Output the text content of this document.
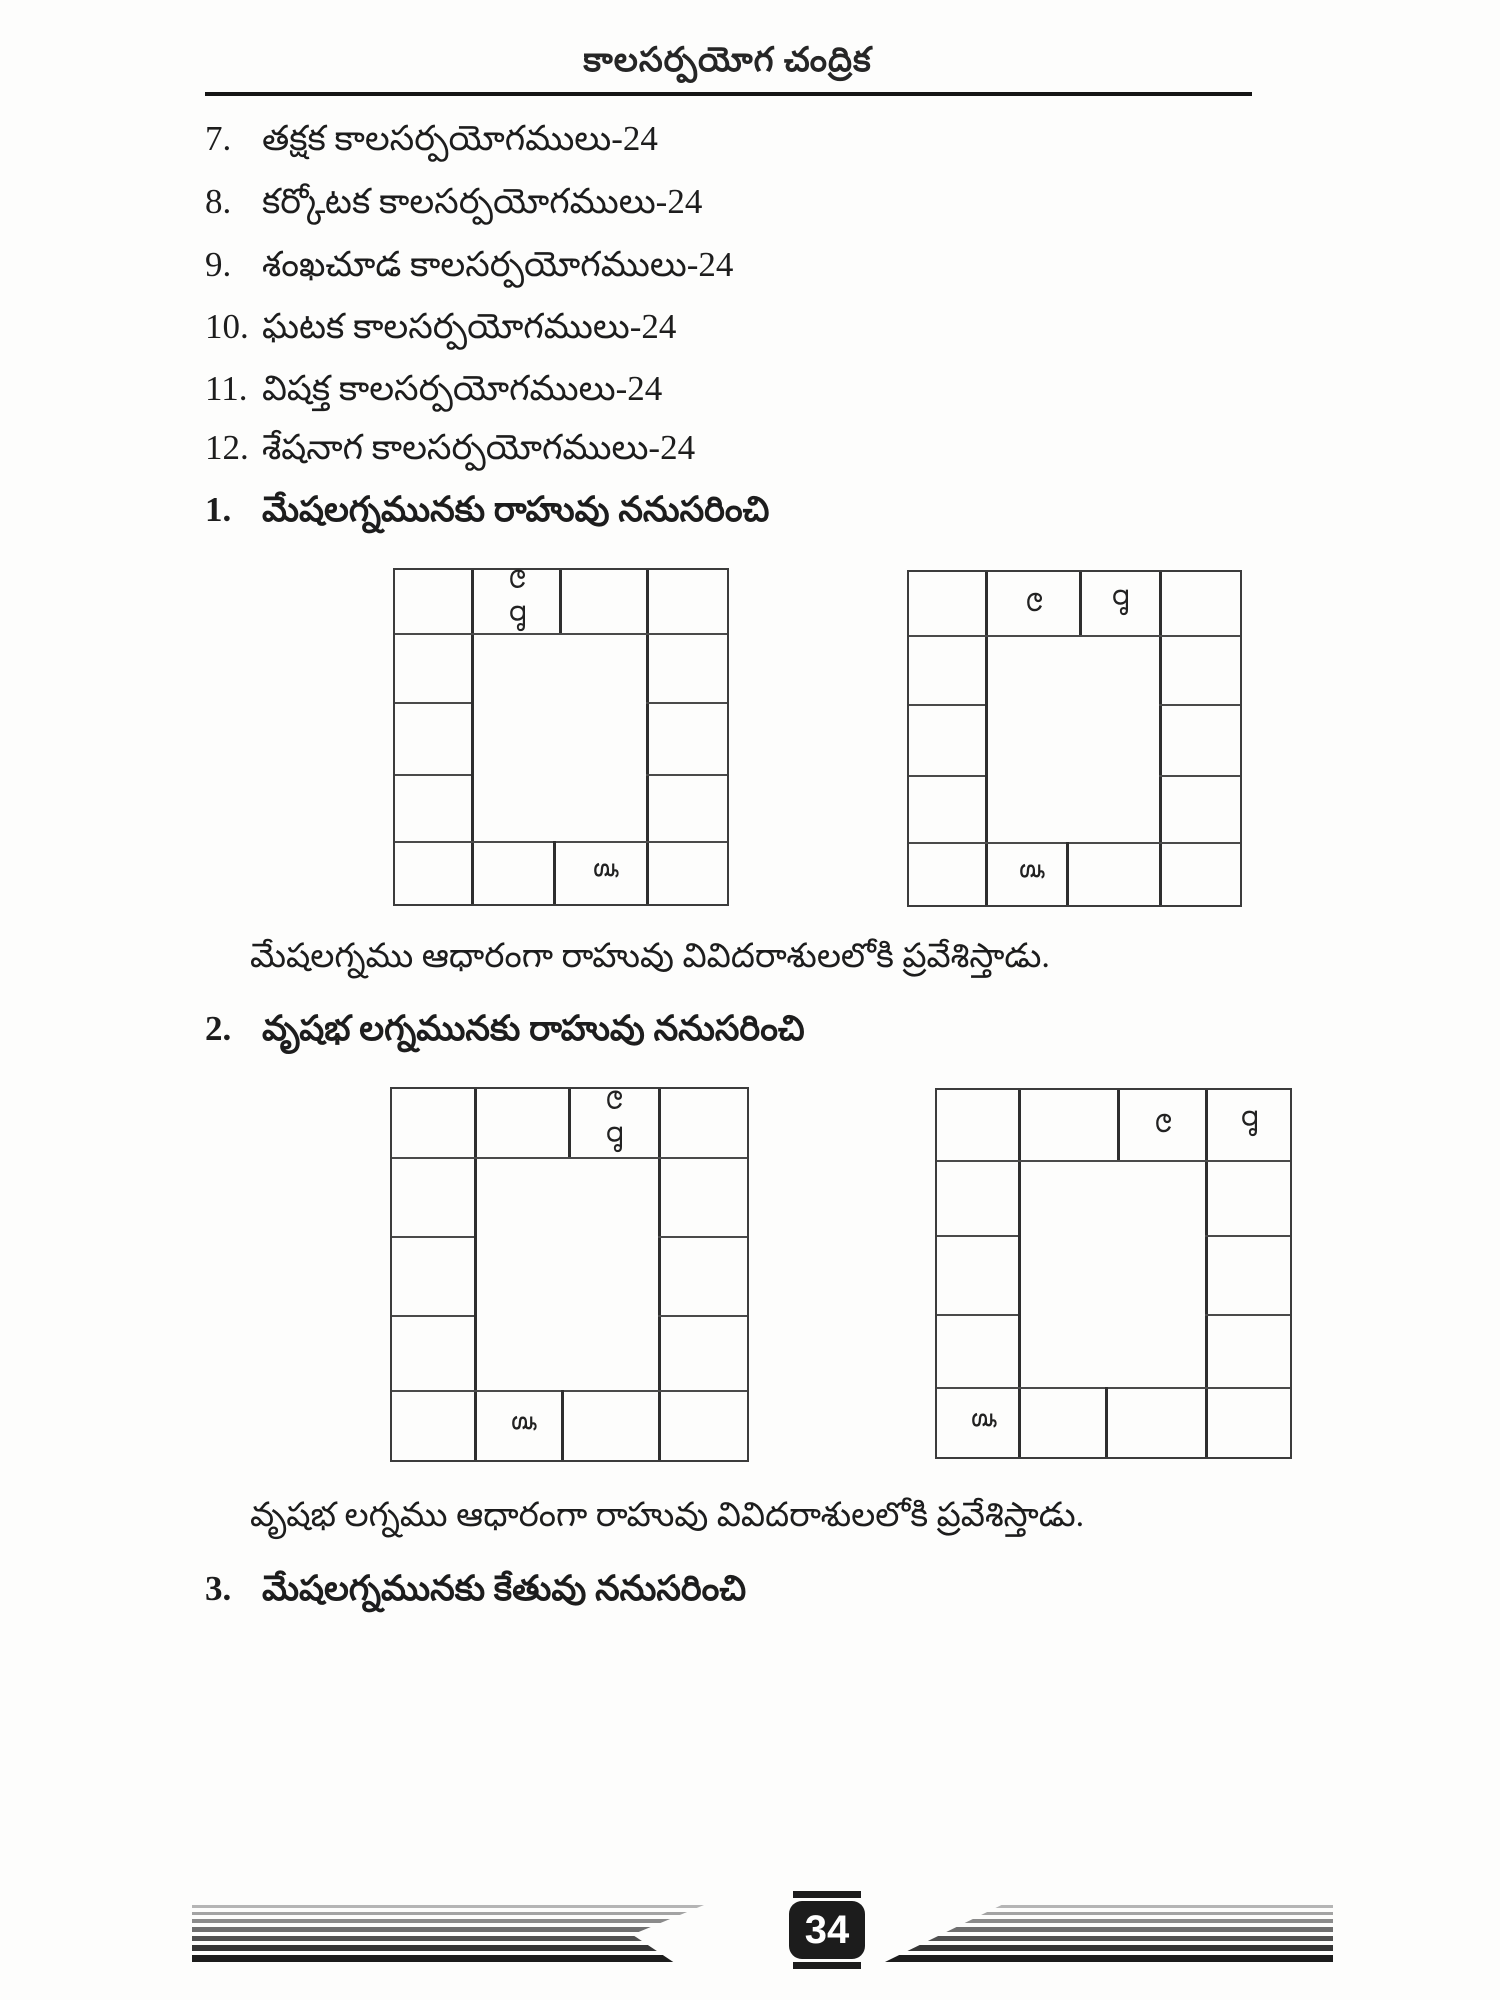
కాలసర్పయోగ చంద్రిక
7. తక్షక కాలసర్పయోగములు-24
8. కర్కోటక కాలసర్పయోగములు-24
9. శంఖచూడ కాలసర్పయోగములు-24
10. ఘటక కాలసర్పయోగములు-24
11. విషక్త కాలసర్పయోగములు-24
12. శేషనాగ కాలసర్పయోగములు-24
1. మేషలగ్నమునకు రాహువు ననుసరించి
ల రా
కే
ల రా
కే
మేషలగ్నము ఆధారంగా రాహువు వివిదరాశులలోకి ప్రవేశిస్తాడు.
2. వృషభ లగ్నమునకు రాహువు ననుసరించి
ల రా
కే
ల రా
కే
వృషభ లగ్నము ఆధారంగా రాహువు వివిదరాశులలోకి ప్రవేశిస్తాడు.
3. మేషలగ్నమునకు కేతువు ననుసరించి
34
